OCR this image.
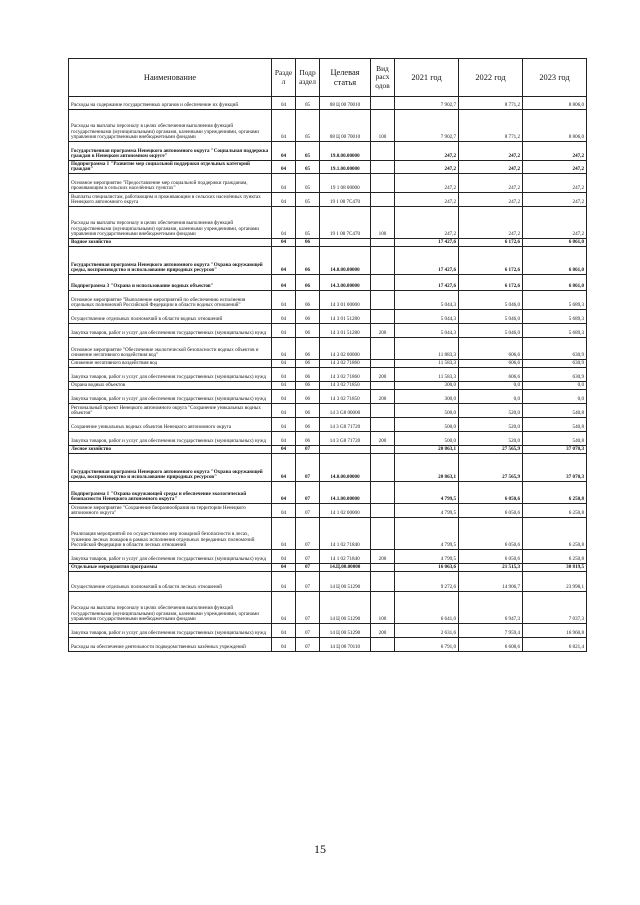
Наименование	Разде л	Подр аздел	Целевая статья	Вид расх одов	2021 год	2022 год	2023 год
Расходы на содержание государственных органов и обеспечение их функций	04	05	08 Ц 00 70010		7 902,7	8 771,2	8 806,0
Расходы на выплаты персоналу в целях обеспечения выполнения функций государственными (муниципальными) органами, казенными учреждениями, органами управления государственными внебюджетными фондами	04	05	08 Ц 00 70010	100	7 902,7	8 771,2	8 806,0
Государственная программа Ненецкого автономного округа "Социальная поддержка граждан в Ненецком автономном округе"	04	05	19.0.00.00000		247,2	247,2	247,2
Подпрограмма 1 "Развитие мер социальной поддержки отдельных категорий граждан"	04	05	19.1.00.00000		247,2	247,2	247,2
Основное мероприятие "Предоставление мер социальной поддержки гражданам, проживающим в сельских населённых пунктах"	04	05	19 1 08 00000		247,2	247,2	247,2
Выплаты специалистам, работающим и проживающим в сельских населённых пунктах Ненецкого автономного округа	04	05	19 1 08 7С470		247,2	247,2	247,2
Расходы на выплаты персоналу в целях обеспечения выполнения функций государственными (муниципальными) органами, казенными учреждениями, органами управления государственными внебюджетными фондами	04	05	19 1 08 7С470	100	247,2	247,2	247,2
Водное хозяйство	04	06			17 427,6	6 172,6	6 861,0
Государственная программа Ненецкого автономного округа "Охрана окружающей среды, воспроизводство и использование природных ресурсов"	04	06	14.0.00.00000		17 427,6	6 172,6	6 861,0
Подпрограмма 3 "Охрана и использование водных объектов"	04	06	14.3.00.00000		17 427,6	6 172,6	6 861,0
Основное мероприятие "Выполнение мероприятий по обеспечению исполнения отдельных полномочий Российской Федерации в области водных отношений"	04	06	14 3 01 00000		5 044,3	5 046,0	5 689,3
Осуществление отдельных полномочий в области водных отношений	04	06	14 3 01 51280		5 044,3	5 046,0	5 689,3
Закупка товаров, работ и услуг для обеспечения государственных (муниципальных) нужд	04	06	14 3 01 51280	200	5 044,3	5 046,0	5 689,3
Основное мероприятие "Обеспечение экологической безопасности водных объектов и снижение негативного воздействия вод"	04	06	14 3 02 00000		11 883,3	606,6	630,9
Снижение негативного воздействия вод	04	06	14 3 02 71860		11 583,3	606,6	630,9
Закупка товаров, работ и услуг для обеспечения государственных (муниципальных) нужд	04	06	14 3 02 71860	200	11 583,3	606,6	630,9
Охрана водных объектов	04	06	14 3 02 71850		300,0	0,0	0,0
Закупка товаров, работ и услуг для обеспечения государственных (муниципальных) нужд	04	06	14 3 02 71850	200	300,0	0,0	0,0
Региональный проект Ненецкого автономного округа "Сохранение уникальных водных объектов"	04	06	14 3 G8 00000		500,0	520,0	540,8
Сохранение уникальных водных объектов Ненецкого автономного округа	04	06	14 3 G8 71720		500,0	520,0	540,8
Закупка товаров, работ и услуг для обеспечения государственных (муниципальных) нужд	04	06	14 3 G8 71720	200	500,0	520,0	540,8
Лесное хозяйство	04	07			20 863,1	27 565,9	37 070,3
Государственная программа Ненецкого автономного округа "Охрана окружающей среды, воспроизводство и использование природных ресурсов"	04	07	14.0.00.00000		20 863,1	27 565,9	37 070,3
Подпрограмма 1 "Охрана окружающей среды и обеспечение экологической безопасности Ненецкого автономного округа"	04	07	14.1.00.00000		4 799,5	6 050,6	6 250,8
Основное мероприятие "Сохранение биоразнообразия на территории Ненецкого автономного округа"	04	07	14 1 02 00000		4 799,5	6 050,6	6 250,8
Реализация мероприятий по осуществлению мер пожарной безопасности в лесах, тушению лесных пожаров в рамках исполнения отдельных переданных полномочий Российской Федерации в области лесных отношений	04	07	14 1 02 71840		4 799,5	6 050,6	6 250,8
Закупка товаров, работ и услуг для обеспечения государственных (муниципальных) нужд	04	07	14 1 02 71840	200	4 799,5	6 050,6	6 250,8
Отдельные мероприятия программы	04	07	14.Ц.00.00000		16 063,6	21 515,3	30 819,5
Осуществление отдельных полномочий в области лесных отношений	04	07	14 Ц 00 51290		9 272,6	14 906,7	23 998,1
Расходы на выплаты персоналу в целях обеспечения выполнения функций государственными (муниципальными) органами, казенными учреждениями, органами управления государственными внебюджетными фондами	04	07	14 Ц 00 51290	100	6 641,0	6 947,3	7 037,3
Закупка товаров, работ и услуг для обеспечения государственных (муниципальных) нужд	04	07	14 Ц 00 51290	200	2 631,6	7 959,4	16 960,8
Расходы на обеспечение деятельности подведомственных казённых учреждений	04	07	14 Ц 00 70110		6 791,0	6 608,6	6 821,4
15
